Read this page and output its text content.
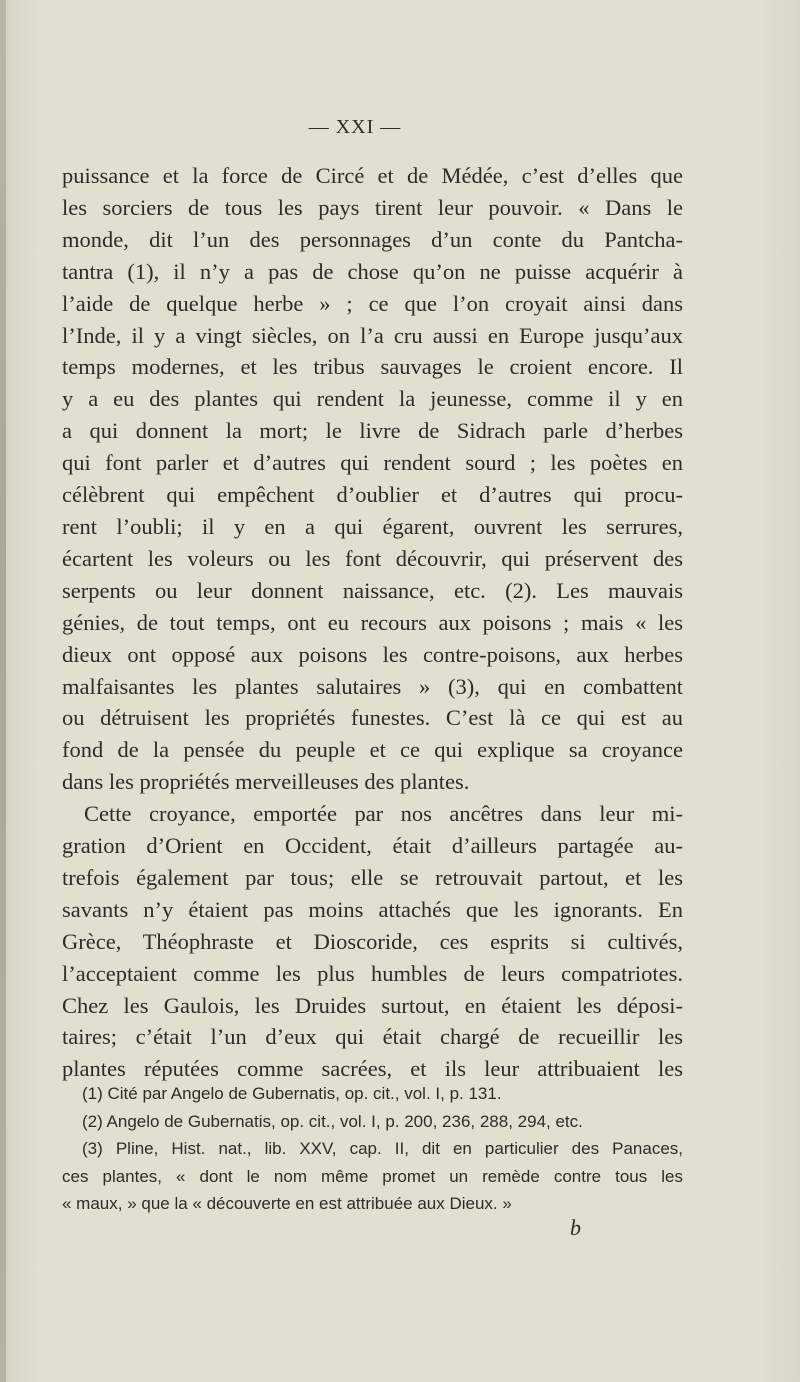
— XXI —
puissance et la force de Circé et de Médée, c’est d’elles que
les sorciers de tous les pays tirent leur pouvoir. « Dans le
monde, dit l’un des personnages d’un conte du Pantcha-
tantra (1), il n’y a pas de chose qu’on ne puisse acquérir à
l’aide de quelque herbe » ; ce que l’on croyait ainsi dans
l’Inde, il y a vingt siècles, on l’a cru aussi en Europe jusqu’aux
temps modernes, et les tribus sauvages le croient encore. Il
y a eu des plantes qui rendent la jeunesse, comme il y en
a qui donnent la mort; le livre de Sidrach parle d’herbes
qui font parler et d’autres qui rendent sourd ; les poètes en
célèbrent qui empêchent d’oublier et d’autres qui procu-
rent l’oubli; il y en a qui égarent, ouvrent les serrures,
écartent les voleurs ou les font découvrir, qui préservent des
serpents ou leur donnent naissance, etc. (2). Les mauvais
génies, de tout temps, ont eu recours aux poisons ; mais « les
dieux ont opposé aux poisons les contre-poisons, aux herbes
malfaisantes les plantes salutaires » (3), qui en combattent
ou détruisent les propriétés funestes. C’est là ce qui est au
fond de la pensée du peuple et ce qui explique sa croyance
dans les propriétés merveilleuses des plantes.
Cette croyance, emportée par nos ancêtres dans leur mi-
gration d’Orient en Occident, était d’ailleurs partagée au-
trefois également par tous; elle se retrouvait partout, et les
savants n’y étaient pas moins attachés que les ignorants. En
Grèce, Théophraste et Dioscoride, ces esprits si cultivés,
l’acceptaient comme les plus humbles de leurs compatriotes.
Chez les Gaulois, les Druides surtout, en étaient les déposi-
taires; c’était l’un d’eux qui était chargé de recueillir les
plantes réputées comme sacrées, et ils leur attribuaient les
(1) Cité par Angelo de Gubernatis, op. cit., vol. I, p. 131.
(2) Angelo de Gubernatis, op. cit., vol. I, p. 200, 236, 288, 294, etc.
(3) Pline, Hist. nat., lib. XXV, cap. II, dit en particulier des Panaces,
ces plantes, « dont le nom même promet un remède contre tous les
« maux, » que la « découverte en est attribuée aux Dieux. »
b
